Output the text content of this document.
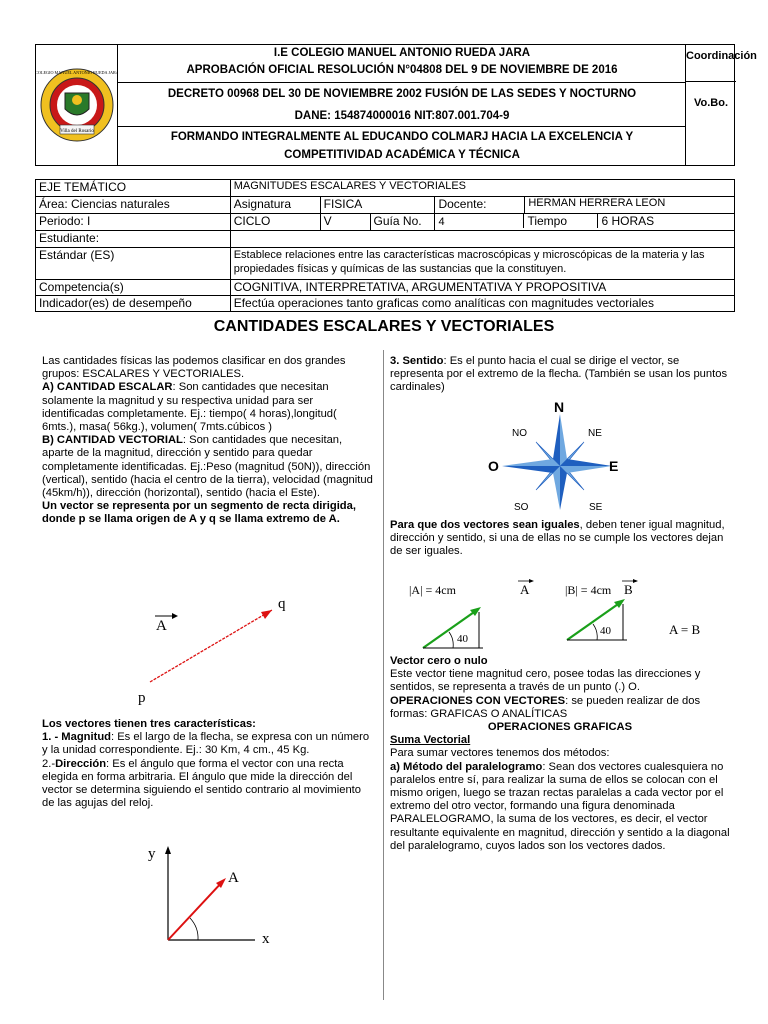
Villa del Rosario
COLEGIO MANUEL ANTONIO RUEDA JARA
I.E COLEGIO MANUEL ANTONIO RUEDA JARA
APROBACIÓN OFICIAL RESOLUCIÓN N°04808 DEL 9 DE NOVIEMBRE DE 2016
DECRETO 00968 DEL 30 DE NOVIEMBRE 2002 FUSIÓN DE LAS SEDES Y NOCTURNO
DANE: 154874000016 NIT:807.001.704-9
FORMANDO INTEGRALMENTE AL EDUCANDO COLMARJ HACIA LA EXCELENCIA Y
COMPETITIVIDAD ACADÉMICA Y TÉCNICA
Coordinación
Vo.Bo.
EJE TEMÁTICO	MAGNITUDES ESCALARES Y VECTORIALES				
Área: Ciencias naturales	Asignatura	FISICA		Docente:	HERMAN HERRERA LEON
Periodo: I	CICLO	V	Guía No.	4 Tiempo 6 HORAS	
Estudiante:					
Estándar (ES)	Establece relaciones entre las características macroscópicas y microscópicas de la materia y las propiedades físicas y químicas de las sustancias que la constituyen.				
Competencia(s)	COGNITIVA, INTERPRETATIVA, ARGUMENTATIVA Y PROPOSITIVA				
Indicador(es) de desempeño	Efectúa operaciones tanto graficas como analíticas con magnitudes vectoriales				
CANTIDADES ESCALARES Y VECTORIALES

Las cantidades físicas las podemos clasificar en dos grandes grupos: ESCALARES Y VECTORIALES.

A) CANTIDAD ESCALAR: Son cantidades que necesitan solamente la magnitud y su respectiva unidad para ser identificadas completamente. Ej.: tiempo( 4 horas),longitud( 6mts.), masa( 56kg.), volumen( 7mts.cúbicos )

B) CANTIDAD VECTORIAL: Son cantidades que necesitan, aparte de la magnitud, dirección y sentido para quedar completamente identificadas. Ej.:Peso (magnitud (50N)), dirección (vertical), sentido (hacia el centro de la tierra), velocidad (magnitud (45km/h)), dirección (horizontal), sentido (hacia el Este).

Un vector se representa por un segmento de recta dirigida, donde p se llama origen de A y q se llama extremo de A.

A
q
p

Los vectores tienen tres características:

1. - Magnitud: Es el largo de la flecha, se expresa con un número y la unidad correspondiente. Ej.: 30 Km, 4 cm., 45 Kg.

2.-Dirección: Es el ángulo que forma el vector con una recta elegida en forma arbitraria. El ángulo que mide la dirección del vector se determina siguiendo el sentido contrario al movimiento de las agujas del reloj.

y
x
A

3. Sentido: Es el punto hacia el cual se dirige el vector, se representa por el extremo de la flecha. (También se usan los puntos cardinales)

N
O	E
NO	NE
SO	SE

Para que dos vectores sean iguales, deben tener igual magnitud, dirección y sentido, si una de ellas no se cumple los vectores dejan de ser iguales.

|A| = 4cm	A
40
|B| = 4cm B
40	A = B

Vector cero o nulo

Este vector tiene magnitud cero, posee todas las direcciones y sentidos, se representa a través de un punto (.) O.

OPERACIONES CON VECTORES: se pueden realizar de dos formas: GRAFICAS O ANALÍTICAS

OPERACIONES GRAFICAS

Suma Vectorial

Para sumar vectores tenemos dos métodos:

a) Método del paralelogramo: Sean dos vectores cualesquiera no paralelos entre sí, para realizar la suma de ellos se colocan con el mismo origen, luego se trazan rectas paralelas a cada vector por el extremo del otro vector, formando una figura denominada PARALELOGRAMO, la suma de los vectores, es decir, el vector resultante equivalente en magnitud, dirección y sentido a la diagonal del paralelogramo, cuyos lados son los vectores dados.
